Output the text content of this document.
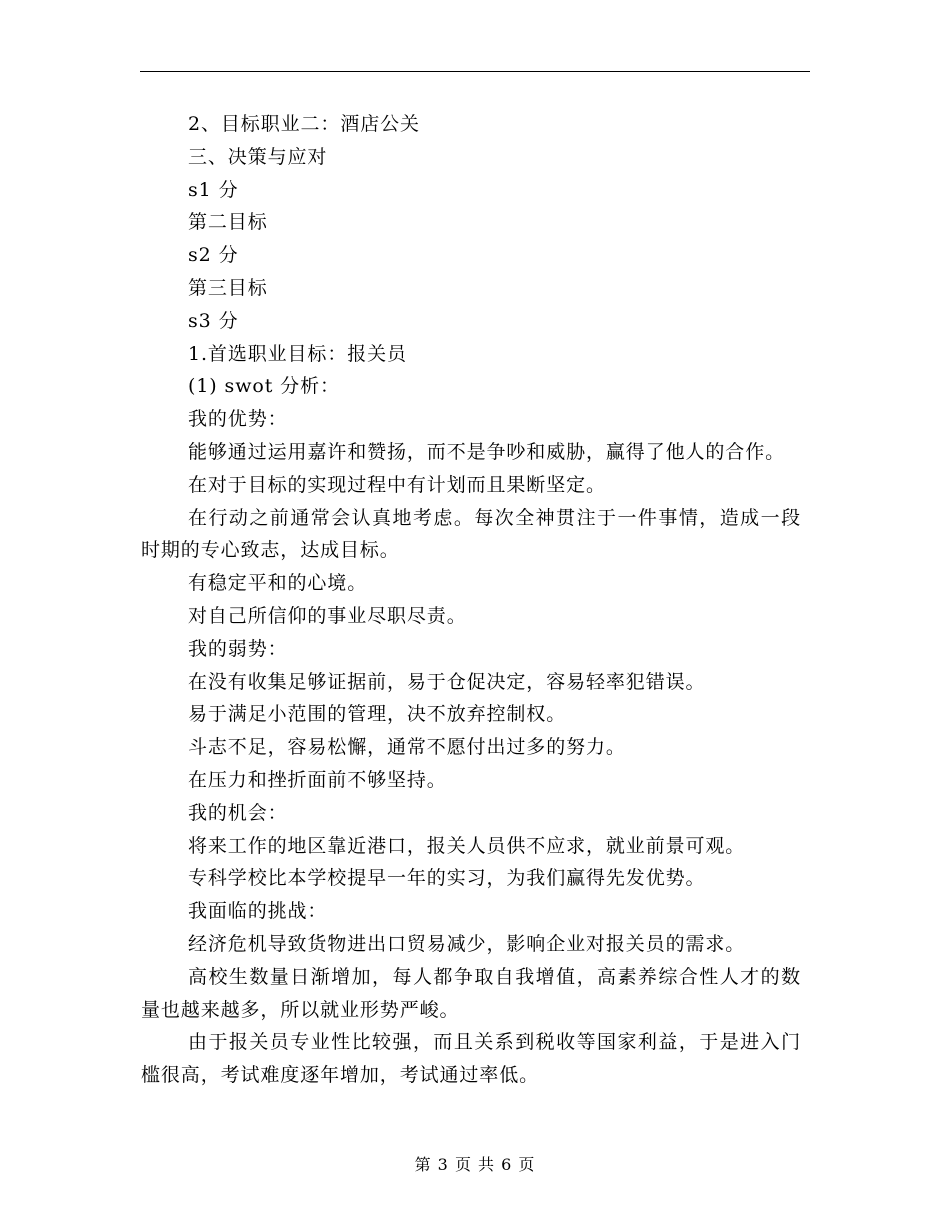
2、目标职业二：酒店公关

三、决策与应对

s1 分

第二目标

s2 分

第三目标

s3 分

1.首选职业目标：报关员

(1) swot 分析：

我的优势：

能够通过运用嘉许和赞扬，而不是争吵和威胁，赢得了他人的合作。

在对于目标的实现过程中有计划而且果断坚定。

在行动之前通常会认真地考虑。每次全神贯注于一件事情，造成一段时期的专心致志，达成目标。

有稳定平和的心境。

对自己所信仰的事业尽职尽责。

我的弱势：

在没有收集足够证据前，易于仓促决定，容易轻率犯错误。

易于满足小范围的管理，决不放弃控制权。

斗志不足，容易松懈，通常不愿付出过多的努力。

在压力和挫折面前不够坚持。

我的机会：

将来工作的地区靠近港口，报关人员供不应求，就业前景可观。

专科学校比本学校提早一年的实习，为我们赢得先发优势。

我面临的挑战：

经济危机导致货物进出口贸易减少，影响企业对报关员的需求。

高校生数量日渐增加，每人都争取自我增值，高素养综合性人才的数量也越来越多，所以就业形势严峻。

由于报关员专业性比较强，而且关系到税收等国家利益，于是进入门槛很高，考试难度逐年增加，考试通过率低。

第 3 页 共 6 页
